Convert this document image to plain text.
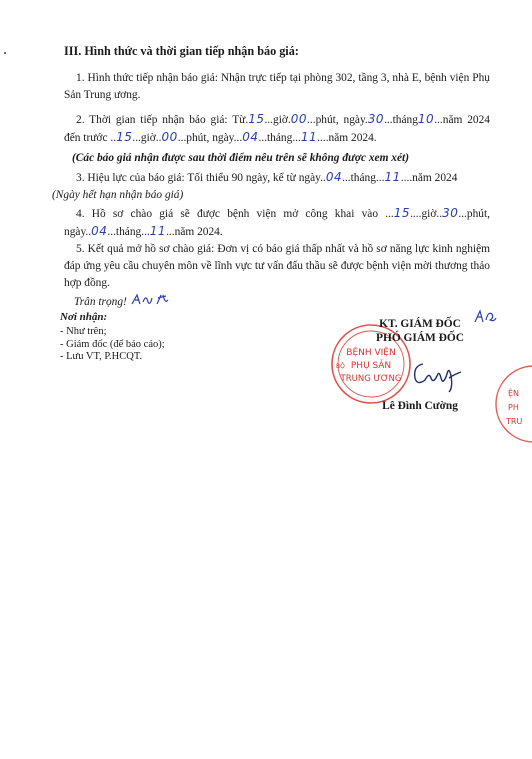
III. Hình thức và thời gian tiếp nhận báo giá:
1. Hình thức tiếp nhận báo giá: Nhận trực tiếp tại phòng 302, tầng 3, nhà E, bệnh viện Phụ Sản Trung ương.
2. Thời gian tiếp nhận báo giá: Từ.15...giờ.00...phút, ngày.30...tháng10...năm 2024 đến trước ..15...giờ..00...phút, ngày...04...tháng...11....năm 2024.
(Các báo giá nhận được sau thời điểm nêu trên sẽ không được xem xét)
3. Hiệu lực của báo giá: Tối thiểu 90 ngày, kể từ ngày..04...tháng...11....năm 2024
(Ngày hết hạn nhận báo giá)
4. Hồ sơ chào giá sẽ được bệnh viện mở công khai vào ...15....giờ..30...phút, ngày..04...tháng...11...năm 2024.
5. Kết quả mở hồ sơ chào giá: Đơn vị có báo giá thấp nhất và hồ sơ năng lực kinh nghiệm đáp ứng yêu cầu chuyên môn về lĩnh vực tư vấn đấu thầu sẽ được bệnh viện mời thương thảo hợp đồng.
Trân trọng!
Nơi nhận:
- Như trên;
- Giám đốc (để báo cáo);
- Lưu VT, P.HCQT.
BỘ
BỆNH VIỆN
PHỤ SẢN
TRUNG ƯƠNG
KT. GIÁM ĐỐC
PHÓ GIÁM ĐỐC
Lê Đình Cường
ỆN
PH
TRU
